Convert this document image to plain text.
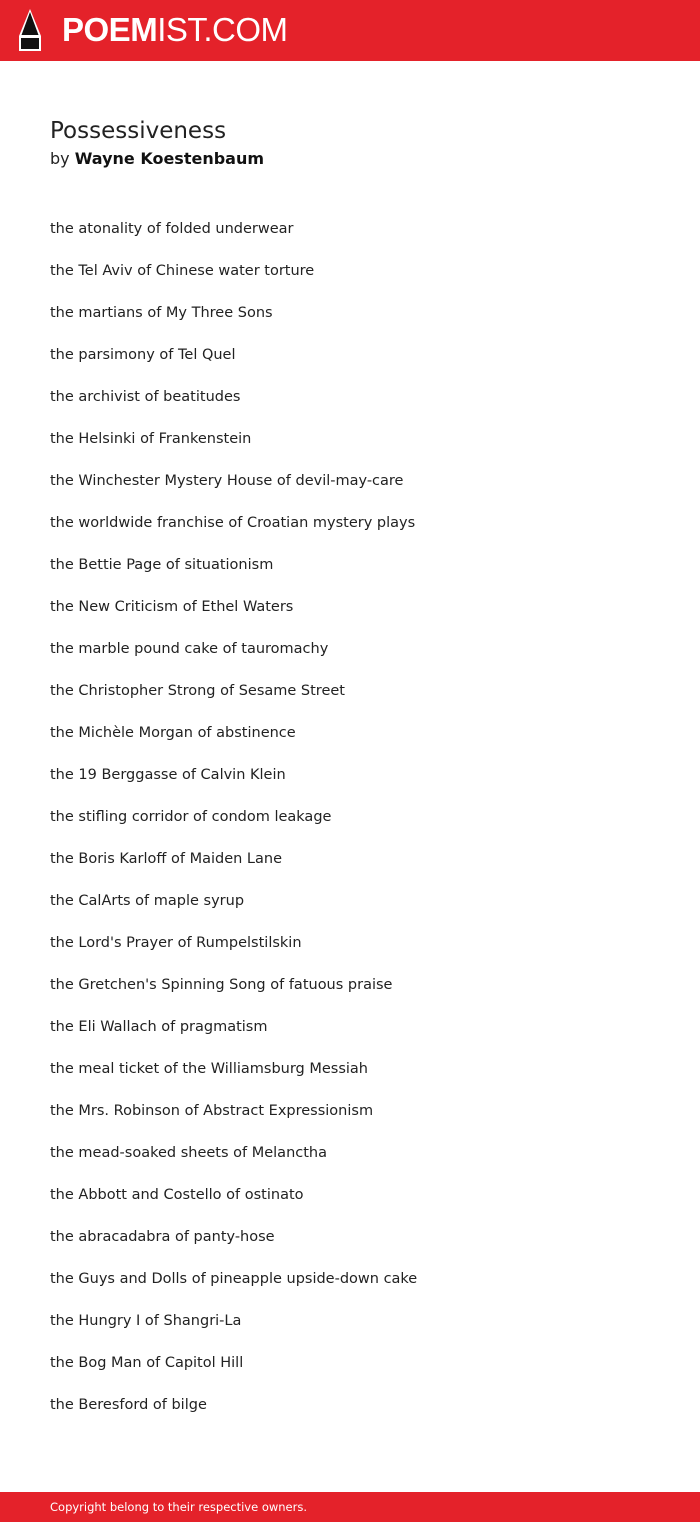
POEMIST.COM
Possessiveness
by Wayne Koestenbaum
the atonality of folded underwear
the Tel Aviv of Chinese water torture
the martians of My Three Sons
the parsimony of Tel Quel
the archivist of beatitudes
the Helsinki of Frankenstein
the Winchester Mystery House of devil-may-care
the worldwide franchise of Croatian mystery plays
the Bettie Page of situationism
the New Criticism of Ethel Waters
the marble pound cake of tauromachy
the Christopher Strong of Sesame Street
the Michèle Morgan of abstinence
the 19 Berggasse of Calvin Klein
the stifling corridor of condom leakage
the Boris Karloff of Maiden Lane
the CalArts of maple syrup
the Lord's Prayer of Rumpelstilskin
the Gretchen's Spinning Song of fatuous praise
the Eli Wallach of pragmatism
the meal ticket of the Williamsburg Messiah
the Mrs. Robinson of Abstract Expressionism
the mead-soaked sheets of Melanctha
the Abbott and Costello of ostinato
the abracadabra of panty-hose
the Guys and Dolls of pineapple upside-down cake
the Hungry I of Shangri-La
the Bog Man of Capitol Hill
the Beresford of bilge
Copyright belong to their respective owners.
